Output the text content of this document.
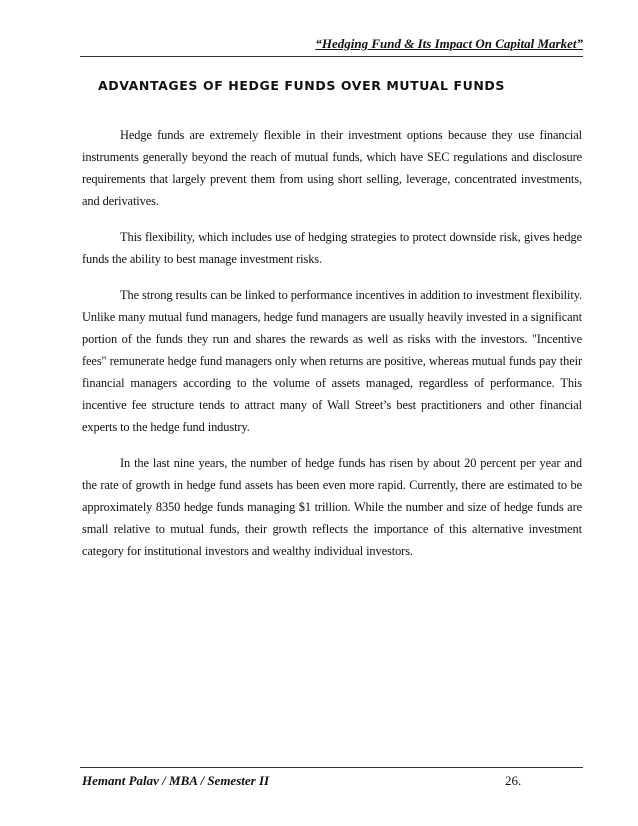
“Hedging Fund & Its Impact On Capital Market”
ADVANTAGES OF HEDGE FUNDS OVER MUTUAL FUNDS

Hedge funds are extremely flexible in their investment options because they use financial instruments generally beyond the reach of mutual funds, which have SEC regulations and disclosure requirements that largely prevent them from using short selling, leverage, concentrated investments, and derivatives.

This flexibility, which includes use of hedging strategies to protect downside risk, gives hedge funds the ability to best manage investment risks.

The strong results can be linked to performance incentives in addition to investment flexibility. Unlike many mutual fund managers, hedge fund managers are usually heavily invested in a significant portion of the funds they run and shares the rewards as well as risks with the investors. "Incentive fees" remunerate hedge fund managers only when returns are positive, whereas mutual funds pay their financial managers according to the volume of assets managed, regardless of performance. This incentive fee structure tends to attract many of Wall Street’s best practitioners and other financial experts to the hedge fund industry.

In the last nine years, the number of hedge funds has risen by about 20 percent per year and the rate of growth in hedge fund assets has been even more rapid. Currently, there are estimated to be approximately 8350 hedge funds managing $1 trillion. While the number and size of hedge funds are small relative to mutual funds, their growth reflects the importance of this alternative investment category for institutional investors and wealthy individual investors.

Hemant Palav / MBA / Semester II	26.
